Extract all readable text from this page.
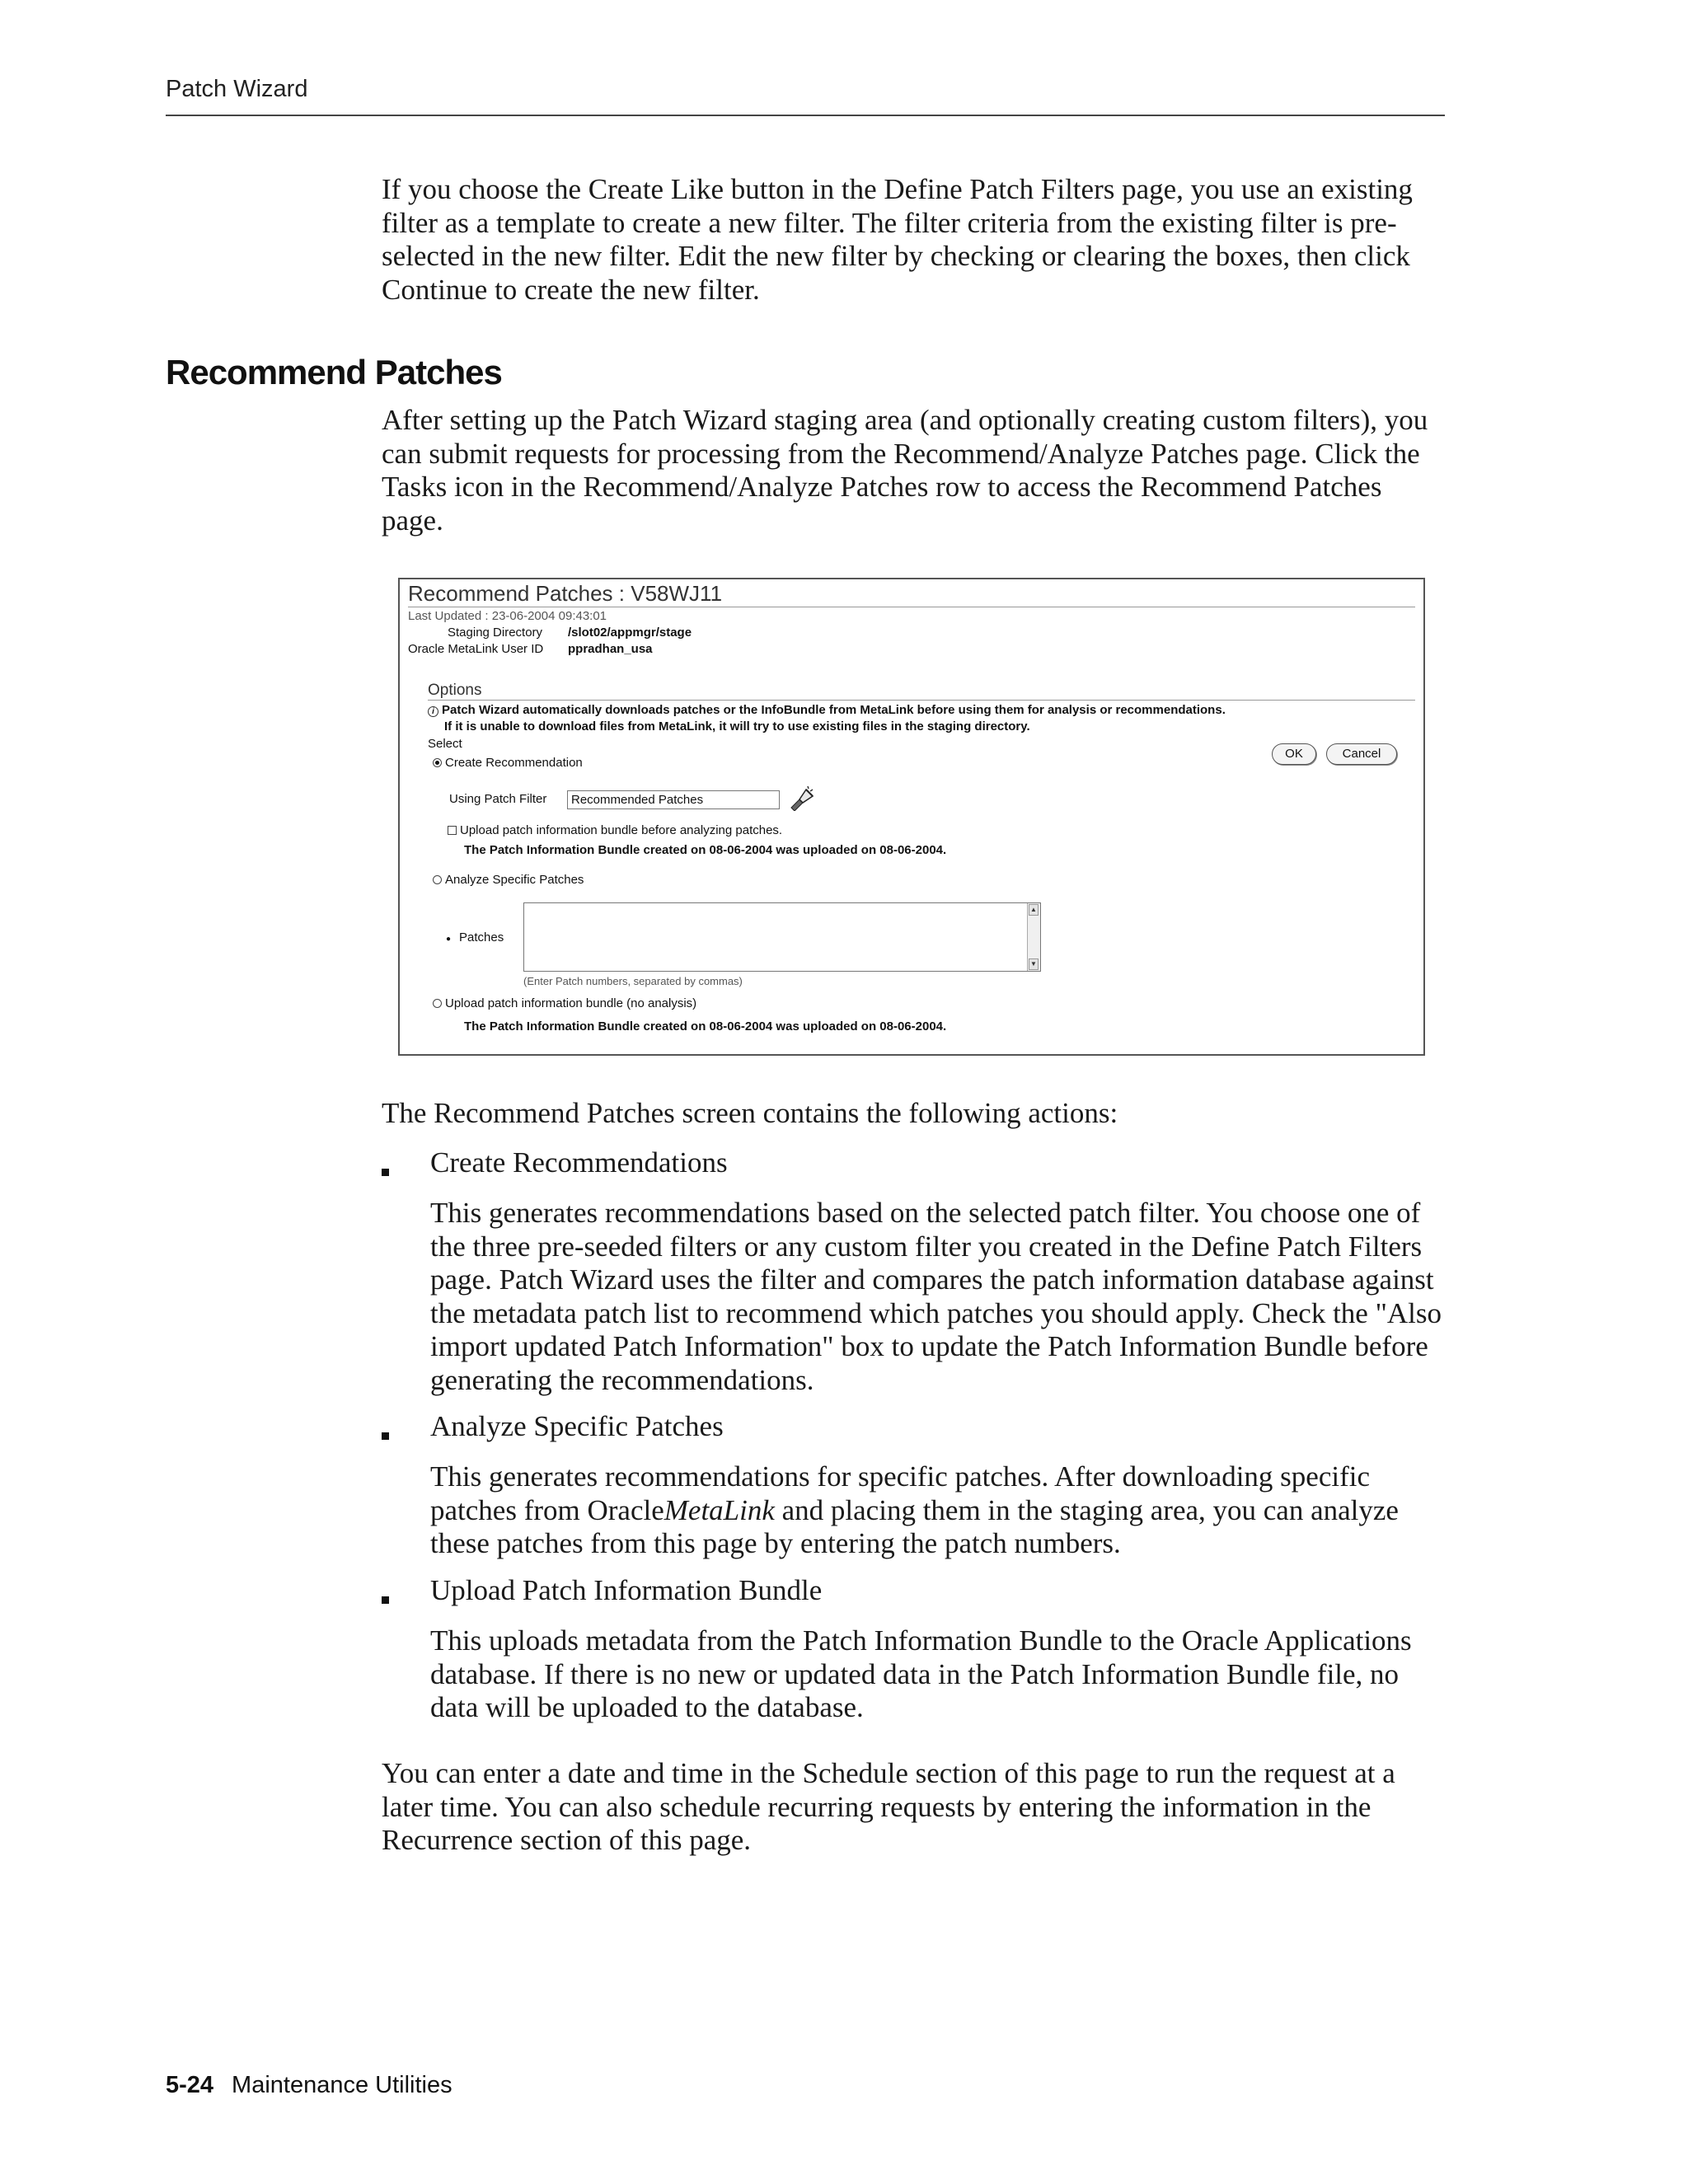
Patch Wizard

If you choose the Create Like button in the Define Patch Filters page, you use an existing filter as a template to create a new filter. The filter criteria from the existing filter is pre-selected in the new filter. Edit the new filter by checking or clearing the boxes, then click Continue to create the new filter.

Recommend Patches

After setting up the Patch Wizard staging area (and optionally creating custom filters), you can submit requests for processing from the Recommend/Analyze Patches page. Click the Tasks icon in the Recommend/Analyze Patches row to access the Recommend Patches page.

Recommend Patches : V58WJ11
Last Updated : 23-06-2004 09:43:01
Staging Directory /slot02/appmgr/stage
Oracle MetaLink User ID ppradhan_usa
Options
i Patch Wizard automatically downloads patches or the InfoBundle from MetaLink before using them for analysis or recommendations.
If it is unable to download files from MetaLink, it will try to use existing files in the staging directory.
Select
OK	Cancel
Create Recommendation
Using Patch Filter	Recommended Patches
Upload patch information bundle before analyzing patches.
The Patch Information Bundle created on 08-06-2004 was uploaded on 08-06-2004.
Analyze Specific Patches
● Patches
▲
▼
(Enter Patch numbers, separated by commas)
Upload patch information bundle (no analysis)
The Patch Information Bundle created on 08-06-2004 was uploaded on 08-06-2004.

The Recommend Patches screen contains the following actions:

Create Recommendations

This generates recommendations based on the selected patch filter. You choose one of the three pre-seeded filters or any custom filter you created in the Define Patch Filters page. Patch Wizard uses the filter and compares the patch information database against the metadata patch list to recommend which patches you should apply. Check the "Also import updated Patch Information" box to update the Patch Information Bundle before generating the recommendations.

Analyze Specific Patches

This generates recommendations for specific patches. After downloading specific patches from OracleMetaLink and placing them in the staging area, you can analyze these patches from this page by entering the patch numbers.

Upload Patch Information Bundle

This uploads metadata from the Patch Information Bundle to the Oracle Applications database. If there is no new or updated data in the Patch Information Bundle file, no data will be uploaded to the database.

You can enter a date and time in the Schedule section of this page to run the request at a later time. You can also schedule recurring requests by entering the information in the Recurrence section of this page.

5-24 Maintenance Utilities
